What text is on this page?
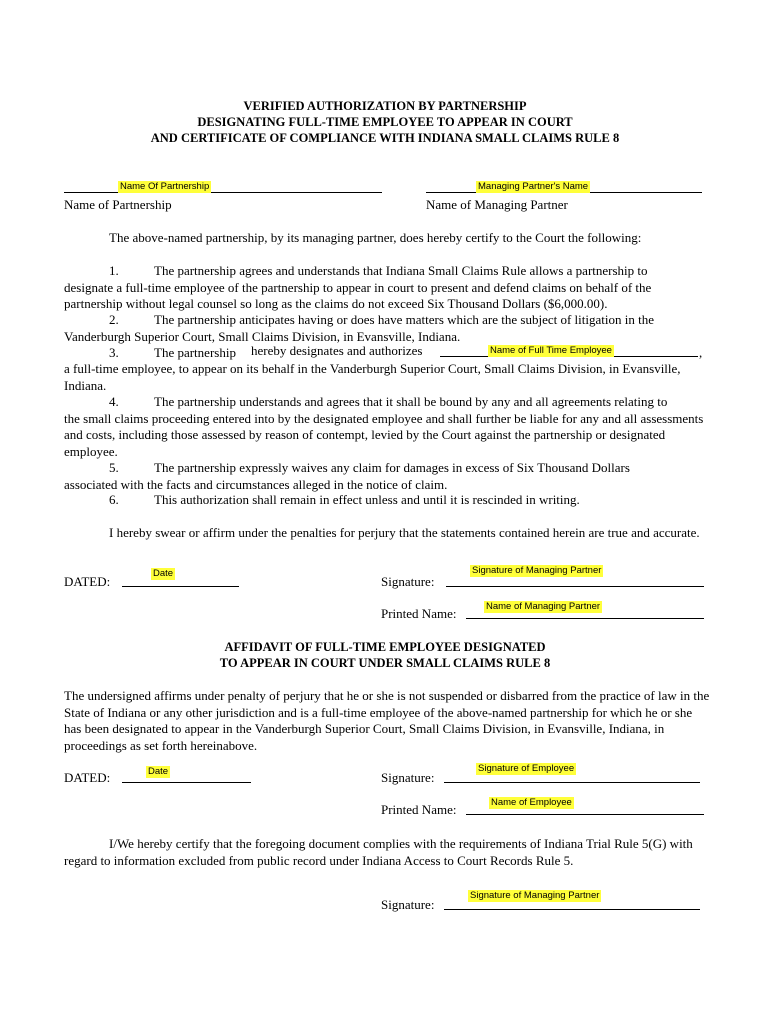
VERIFIED AUTHORIZATION BY PARTNERSHIP
DESIGNATING FULL-TIME EMPLOYEE TO APPEAR IN COURT
AND CERTIFICATE OF COMPLIANCE WITH INDIANA SMALL CLAIMS RULE 8
Name Of Partnership
Name of Partnership
Managing Partner's Name
Name of Managing Partner
The above-named partnership, by its managing partner, does hereby certify to the Court the following:
1.	The partnership agrees and understands that Indiana Small Claims Rule allows a partnership to
designate a full-time employee of the partnership to appear in court to present and defend claims on behalf of the partnership without legal counsel so long as the claims do not exceed Six Thousand Dollars ($6,000.00).
2.	The partnership anticipates having or does have matters which are the subject of litigation in the
Vanderburgh Superior Court, Small Claims Division, in Evansville, Indiana.
3.	The partnership hereby designates and authorizes	Name of Full Time Employee	,
a full-time employee, to appear on its behalf in the Vanderburgh Superior Court, Small Claims Division, in Evansville, Indiana.
4.	The partnership understands and agrees that it shall be bound by any and all agreements relating to
the small claims proceeding entered into by the designated employee and shall further be liable for any and all assessments and costs, including those assessed by reason of contempt, levied by the Court against the partnership or designated employee.
5.	The partnership expressly waives any claim for damages in excess of Six Thousand Dollars
associated with the facts and circumstances alleged in the notice of claim.
6.	This authorization shall remain in effect unless and until it is rescinded in writing.
I hereby swear or affirm under the penalties for perjury that the statements contained herein are true and accurate.
DATED:
Date
Signature:
Signature of Managing Partner
Printed Name:	Name of Managing Partner
AFFIDAVIT OF FULL-TIME EMPLOYEE DESIGNATED
TO APPEAR IN COURT UNDER SMALL CLAIMS RULE 8
The undersigned affirms under penalty of perjury that he or she is not suspended or disbarred from the practice of law in the State of Indiana or any other jurisdiction and is a full-time employee of the above-named partnership for which he or she has been designated to appear in the Vanderburgh Superior Court, Small Claims Division, in Evansville, Indiana, in proceedings as set forth hereinabove.
DATED:	Date	Signature:
Signature of Employee
Printed Name:	Name of Employee
I/We hereby certify that the foregoing document complies with the requirements of Indiana Trial Rule 5(G) with regard to information excluded from public record under Indiana Access to Court Records Rule 5.
Signature:
Signature of Managing Partner
